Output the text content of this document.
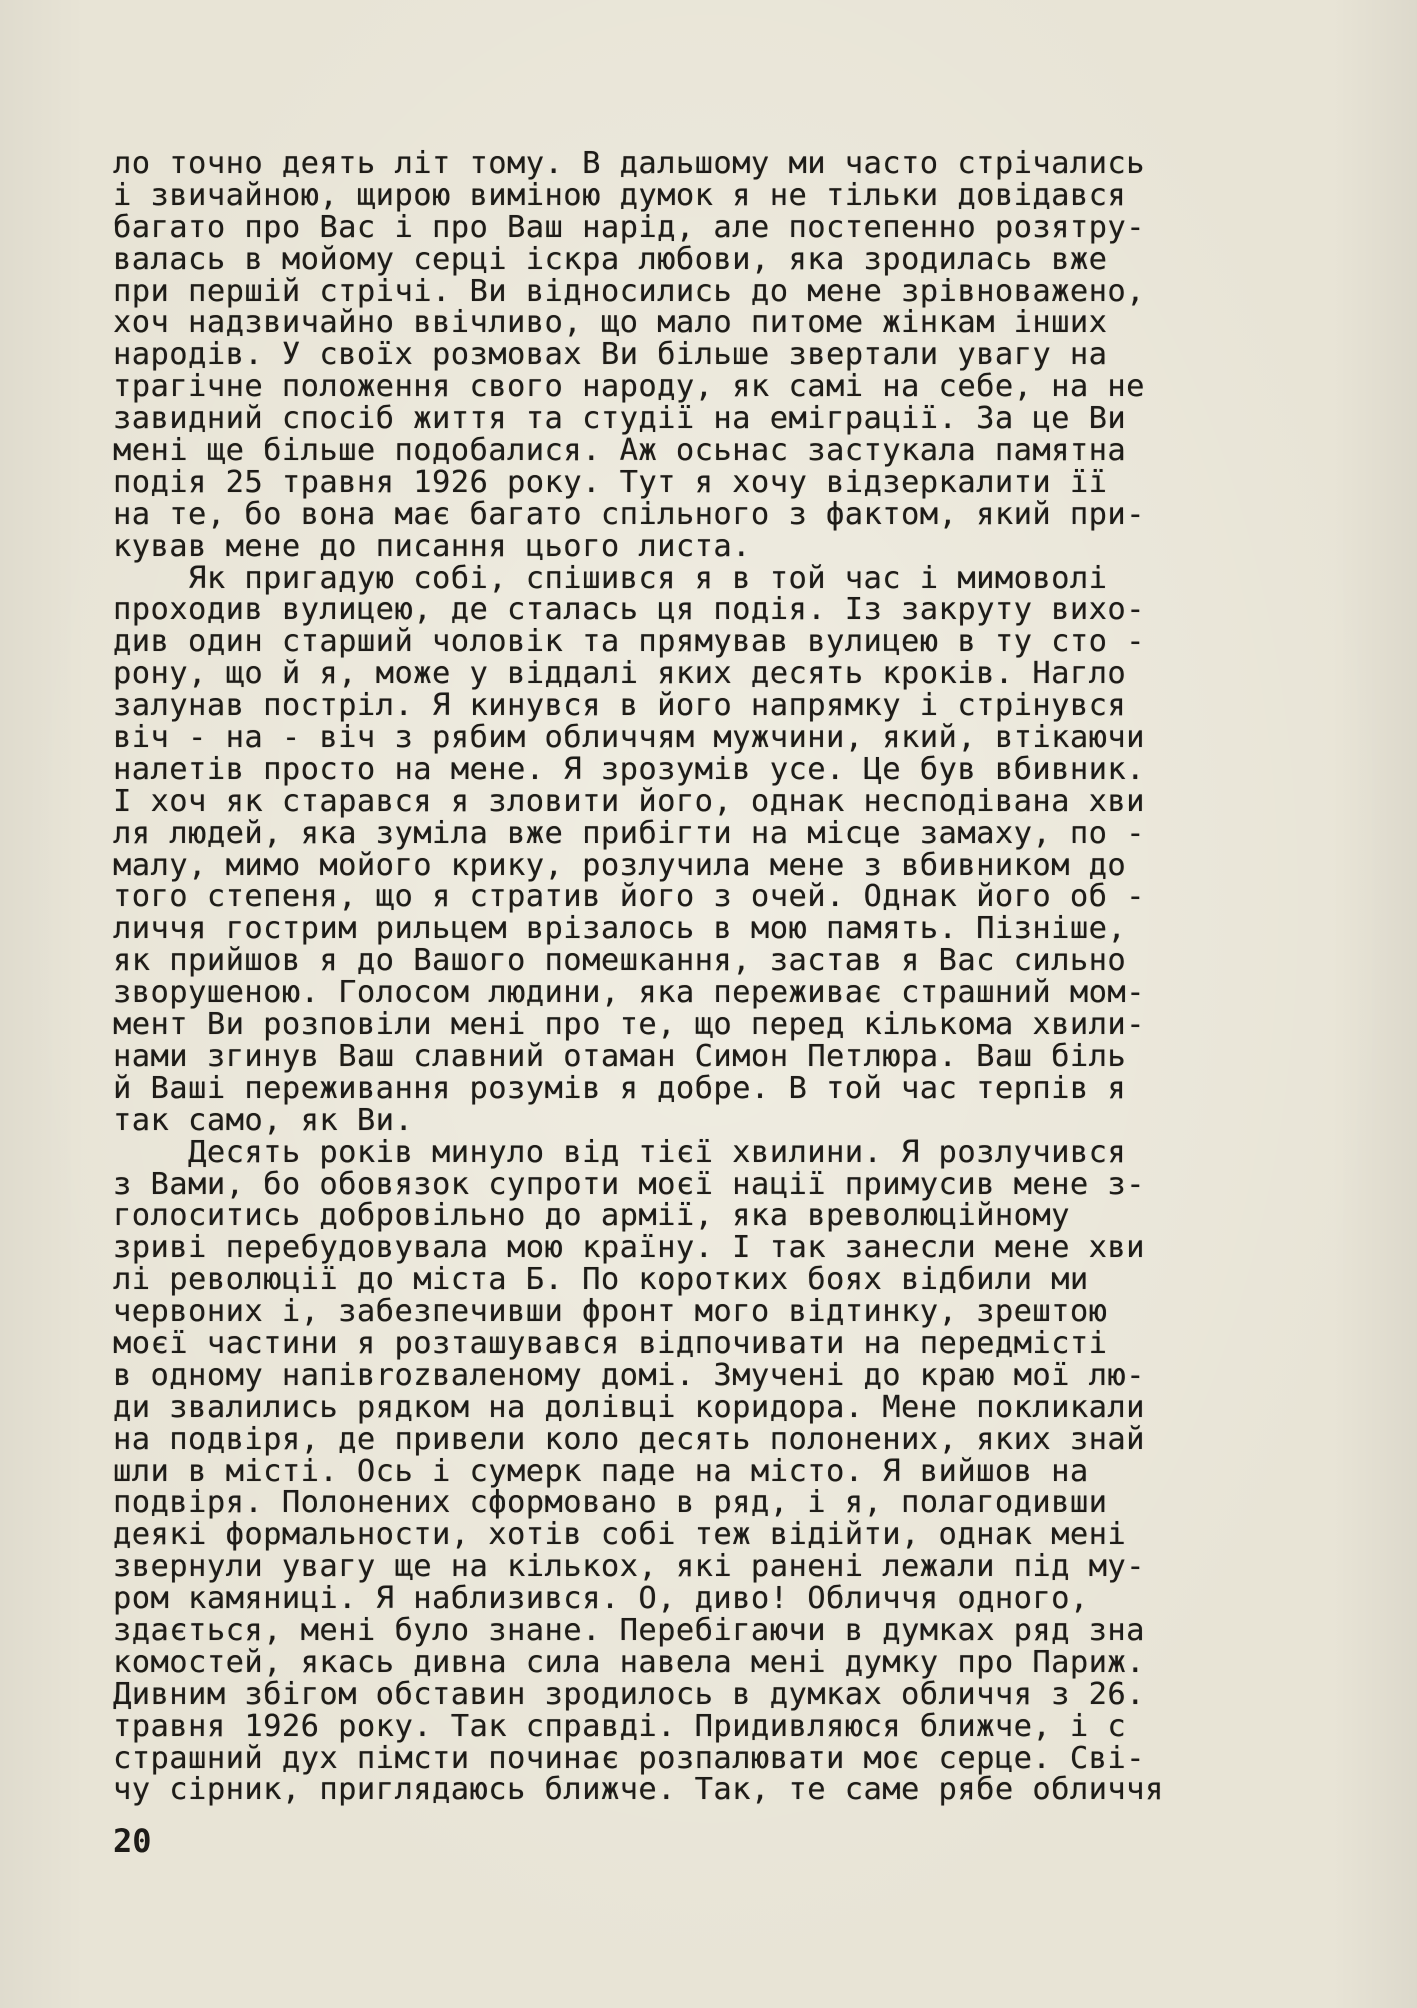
ло точно деять літ тому. В дальшому ми часто стрічались
і звичайною, щирою виміною думок я не тільки довідався
багато про Вас і про Ваш нарід, але постепенно розятру-
валась в мойому серці іскра любови, яка зродилась вже
при першій стрічі. Ви відносились до мене зрівноважено,
хоч надзвичайно ввічливо, що мало питоме жінкам інших
народів. У своїх розмовах Ви більше звертали увагу на
трагічне положення свого народу, як самі на себе, на не
завидний спосіб життя та студії на еміграції. За це Ви
мені ще більше подобалися. Аж осьнас застукала памятна
подія 25 травня 1926 року. Тут я хочу відзеркалити її
на те, бо вона має багато спільного з фактом, який при-
кував мене до писання цього листа.
Як пригадую собі, спішився я в той час і мимоволі
проходив вулицею, де сталась ця подія. Із закруту вихо-
див один старший чоловік та прямував вулицею в ту сто -
рону, що й я, може у віддалі яких десять кроків. Нагло
залунав постріл. Я кинувся в його напрямку і стрінувся
віч - на - віч з рябим обличчям мужчини, який, втікаючи
налетів просто на мене. Я зрозумів усе. Це був вбивник.
І хоч як старався я зловити його, однак несподівана хви
ля людей, яка зуміла вже прибігти на місце замаху, по -
малу, мимо мойого крику, розлучила мене з вбивником до
того степеня, що я стратив його з очей. Однак його об -
личчя гострим рильцем врізалось в мою память. Пізніше,
як прийшов я до Вашого помешкання, застав я Вас сильно
зворушеною. Голосом людини, яка переживає страшний мом-
мент Ви розповіли мені про те, що перед кількома хвили-
нами згинув Ваш славний отаман Симон Петлюра. Ваш біль
й Ваші переживання розумів я добре. В той час терпів я
так само, як Ви.
Десять років минуло від тієї хвилини. Я розлучився
з Вами, бо обовязок супроти моєї нації примусив мене з-
голоситись добровільно до армії, яка вреволюційному
зриві перебудовувала мою країну. І так занесли мене хви
лі революції до міста Б. По коротких боях відбили ми
червоних і, забезпечивши фронт мого відтинку, зрештою
моєї частини я розташувався відпочивати на передмісті
в одному напівrozваленому домі. Змучені до краю мої лю-
ди звалились рядком на долівці коридора. Мене покликали
на подвіря, де привели коло десять полонених, яких знай
шли в місті. Ось і сумерк паде на місто. Я вийшов на
подвіря. Полонених сформовано в ряд, і я, полагодивши
деякі формальности, хотів собі теж відійти, однак мені
звернули увагу ще на кількох, які ранені лежали під му-
ром камяниці. Я наблизився. О, диво! Обличчя одного,
здається, мені було знане. Перебігаючи в думках ряд зна
комостей, якась дивна сила навела мені думку про Париж.
Дивним збігом обставин зродилось в думках обличчя з 26.
травня 1926 року. Так справді. Придивляюся ближче, і с
страшний дух пімсти починає розпалювати моє серце. Сві-
чу сірник, приглядаюсь ближче. Так, те саме рябе обличчя
20
